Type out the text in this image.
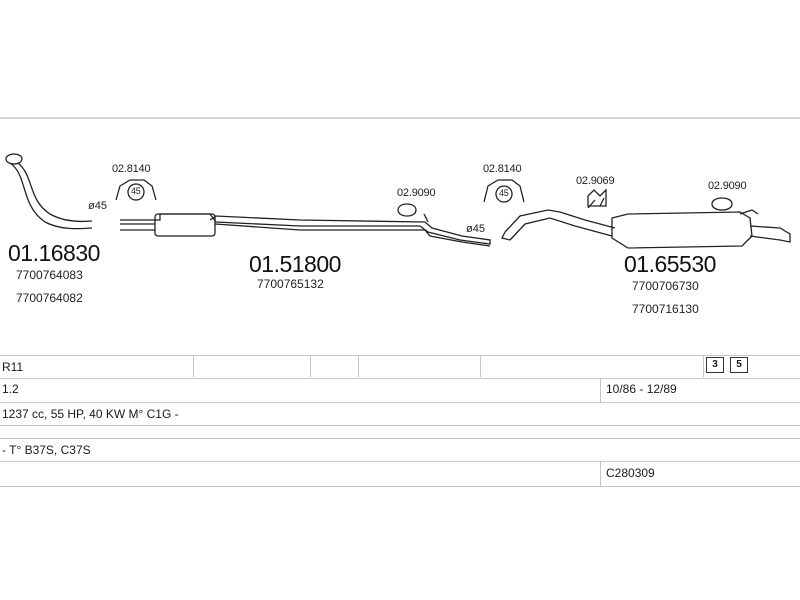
02.8140
45	02.9090
02.8140
45
02.9069	02.9090
ø45
ø45
01.16830
7700764083
7700764082
01.51800
7700765132
01.65530
7700706730
7700716130
R11	3	5
1.2	10/86 - 12/89
1237 cc, 55 HP, 40 KW M° C1G -
- T° B37S, C37S
C280309
